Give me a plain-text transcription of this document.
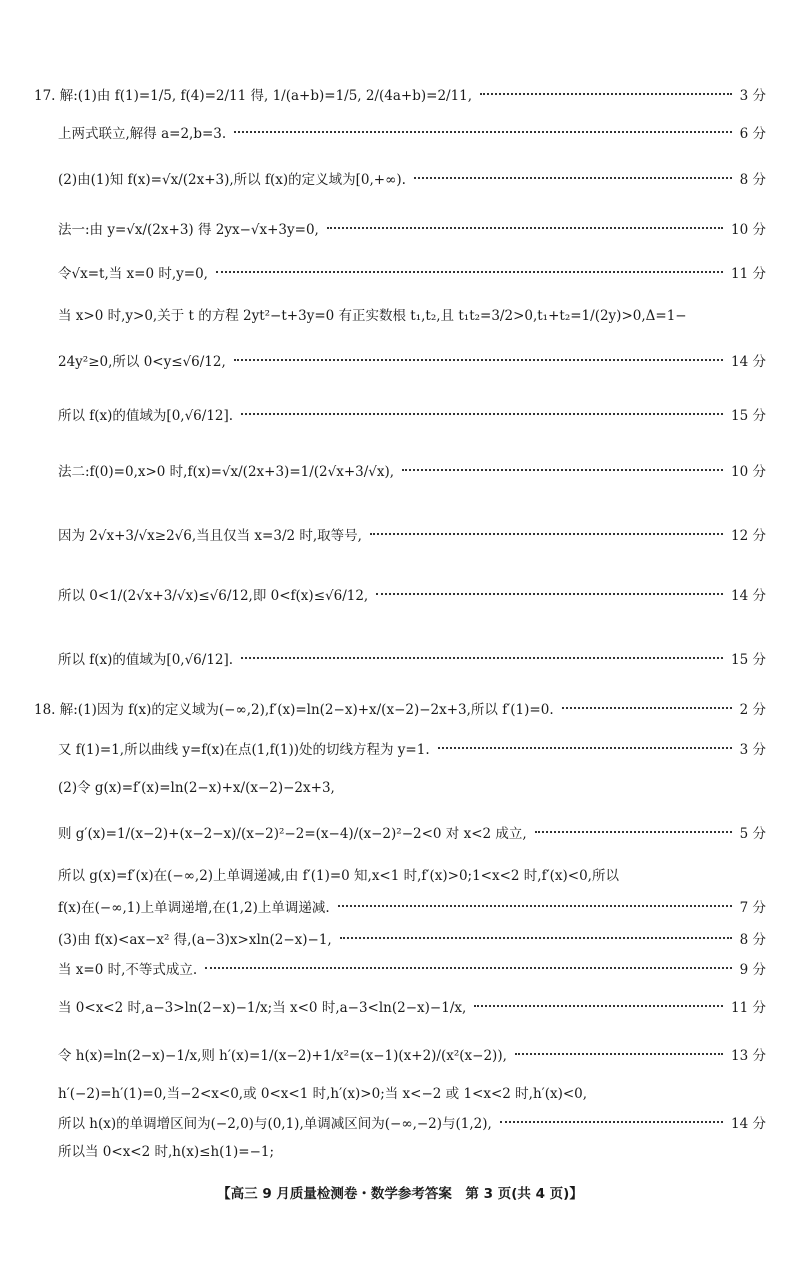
17. 解:(1)由 f(1)=1/5, f(4)=2/11 得, 1/(a+b)=1/5, 2/(4a+b)=2/11,	3 分
上两式联立,解得 a=2,b=3.	6 分
(2)由(1)知 f(x)=√x/(2x+3),所以 f(x)的定义域为[0,+∞).	8 分
法一:由 y=√x/(2x+3) 得 2yx−√x+3y=0,	10 分
令√x=t,当 x=0 时,y=0,	11 分
当 x>0 时,y>0,关于 t 的方程 2yt²−t+3y=0 有正实数根 t₁,t₂,且 t₁t₂=3/2>0,t₁+t₂=1/(2y)>0,Δ=1−
24y²≥0,所以 0<y≤√6/12,	14 分
所以 f(x)的值域为[0,√6/12].	15 分
法二:f(0)=0,x>0 时,f(x)=√x/(2x+3)=1/(2√x+3/√x),	10 分
因为 2√x+3/√x≥2√6,当且仅当 x=3/2 时,取等号,	12 分
所以 0<1/(2√x+3/√x)≤√6/12,即 0<f(x)≤√6/12,	14 分
所以 f(x)的值域为[0,√6/12].	15 分
18. 解:(1)因为 f(x)的定义域为(−∞,2),f′(x)=ln(2−x)+x/(x−2)−2x+3,所以 f′(1)=0.	2 分
又 f(1)=1,所以曲线 y=f(x)在点(1,f(1))处的切线方程为 y=1.	3 分
(2)令 g(x)=f′(x)=ln(2−x)+x/(x−2)−2x+3,
则 g′(x)=1/(x−2)+(x−2−x)/(x−2)²−2=(x−4)/(x−2)²−2<0 对 x<2 成立,	5 分
所以 g(x)=f′(x)在(−∞,2)上单调递减,由 f′(1)=0 知,x<1 时,f′(x)>0;1<x<2 时,f′(x)<0,所以
f(x)在(−∞,1)上单调递增,在(1,2)上单调递减.	7 分
(3)由 f(x)<ax−x² 得,(a−3)x>xln(2−x)−1,	8 分
当 x=0 时,不等式成立.	9 分
当 0<x<2 时,a−3>ln(2−x)−1/x;当 x<0 时,a−3<ln(2−x)−1/x,	11 分
令 h(x)=ln(2−x)−1/x,则 h′(x)=1/(x−2)+1/x²=(x−1)(x+2)/(x²(x−2)),	13 分
h′(−2)=h′(1)=0,当−2<x<0,或 0<x<1 时,h′(x)>0;当 x<−2 或 1<x<2 时,h′(x)<0,
所以 h(x)的单调增区间为(−2,0)与(0,1),单调减区间为(−∞,−2)与(1,2),	14 分
所以当 0<x<2 时,h(x)≤h(1)=−1;
【高三 9 月质量检测卷・数学参考答案　第 3 页(共 4 页)】
